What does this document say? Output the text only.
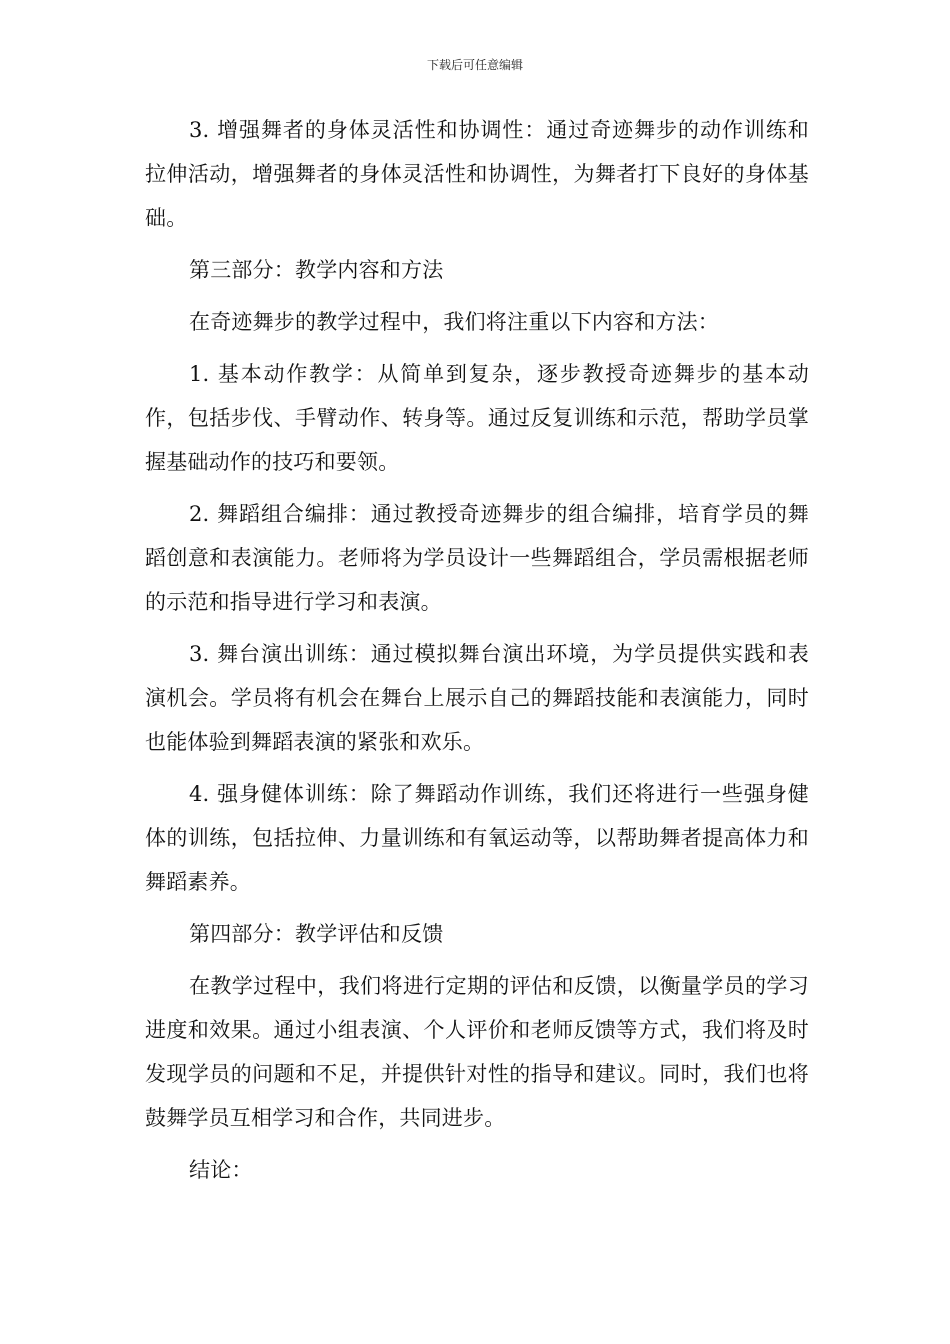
下载后可任意编辑

3. 增强舞者的身体灵活性和协调性：通过奇迹舞步的动作训练和拉伸活动，增强舞者的身体灵活性和协调性，为舞者打下良好的身体基础。

第三部分：教学内容和方法

在奇迹舞步的教学过程中，我们将注重以下内容和方法：

1. 基本动作教学：从简单到复杂，逐步教授奇迹舞步的基本动作，包括步伐、手臂动作、转身等。通过反复训练和示范，帮助学员掌握基础动作的技巧和要领。

2. 舞蹈组合编排：通过教授奇迹舞步的组合编排，培育学员的舞蹈创意和表演能力。老师将为学员设计一些舞蹈组合，学员需根据老师的示范和指导进行学习和表演。

3. 舞台演出训练：通过模拟舞台演出环境，为学员提供实践和表演机会。学员将有机会在舞台上展示自己的舞蹈技能和表演能力，同时也能体验到舞蹈表演的紧张和欢乐。

4. 强身健体训练：除了舞蹈动作训练，我们还将进行一些强身健体的训练，包括拉伸、力量训练和有氧运动等，以帮助舞者提高体力和舞蹈素养。

第四部分：教学评估和反馈

在教学过程中，我们将进行定期的评估和反馈，以衡量学员的学习进度和效果。通过小组表演、个人评价和老师反馈等方式，我们将及时发现学员的问题和不足，并提供针对性的指导和建议。同时，我们也将鼓舞学员互相学习和合作，共同进步。

结论：
